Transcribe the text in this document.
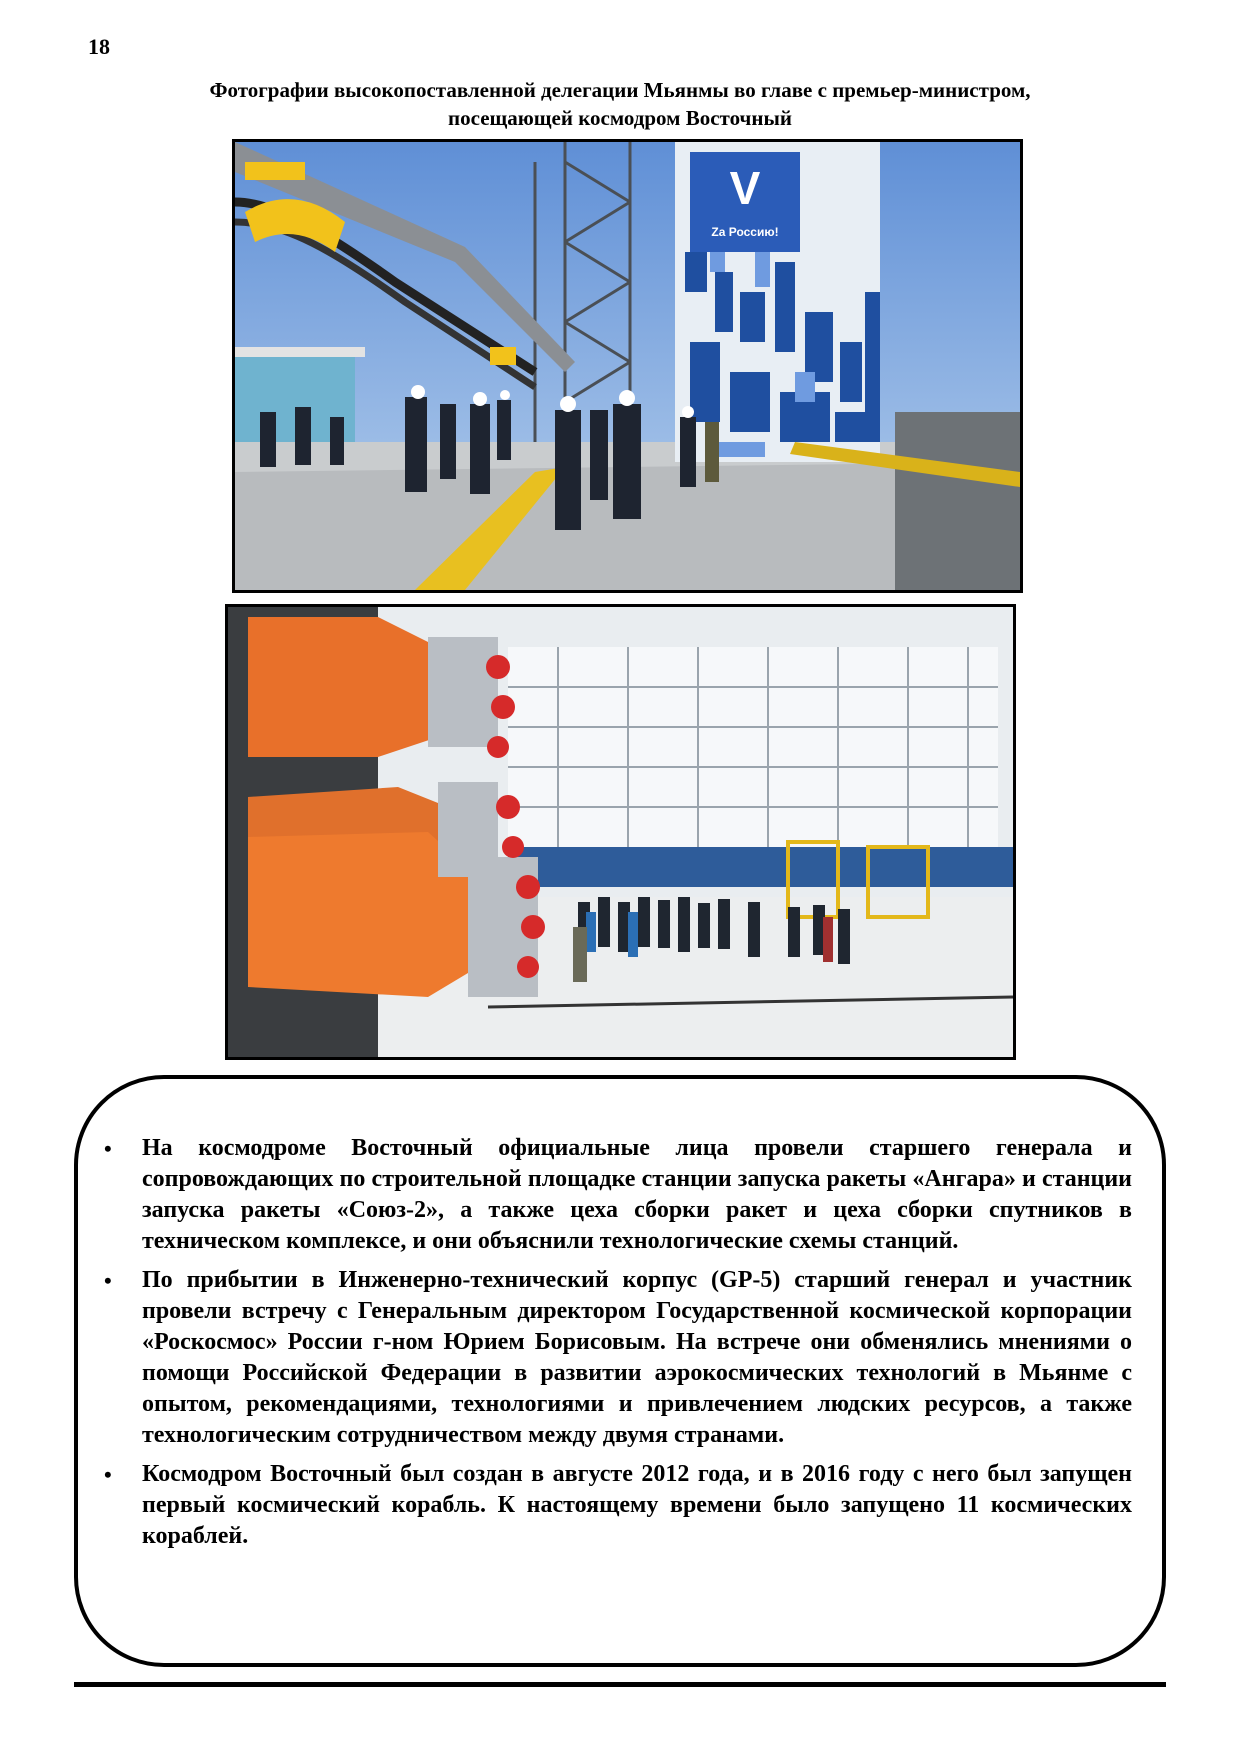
18
Фотографии высокопоставленной делегации Мьянмы во главе с премьер-министром,
посещающей космодром Восточный
V
Zа Россию!
• На космодроме Восточный официальные лица провели старшего генерала и сопровождающих по строительной площадке станции запуска ракеты «Ангара» и станции запуска ракеты «Союз-2», а также цеха сборки ракет и цеха сборки спутников в техническом комплексе, и они объяснили технологические схемы станций.
• По прибытии в Инженерно-технический корпус (GP-5) старший генерал и участник провели встречу с Генеральным директором Государственной космической корпорации «Роскосмос» России г-ном Юрием Борисовым. На встрече они обменялись мнениями о помощи Российской Федерации в развитии аэрокосмических технологий в Мьянме с опытом, рекомендациями, технологиями и привлечением людских ресурсов, а также технологическим сотрудничеством между двумя странами.
• Космодром Восточный был создан в августе 2012 года, и в 2016 году с него был запущен первый космический корабль. К настоящему времени было запущено 11 космических кораблей.
